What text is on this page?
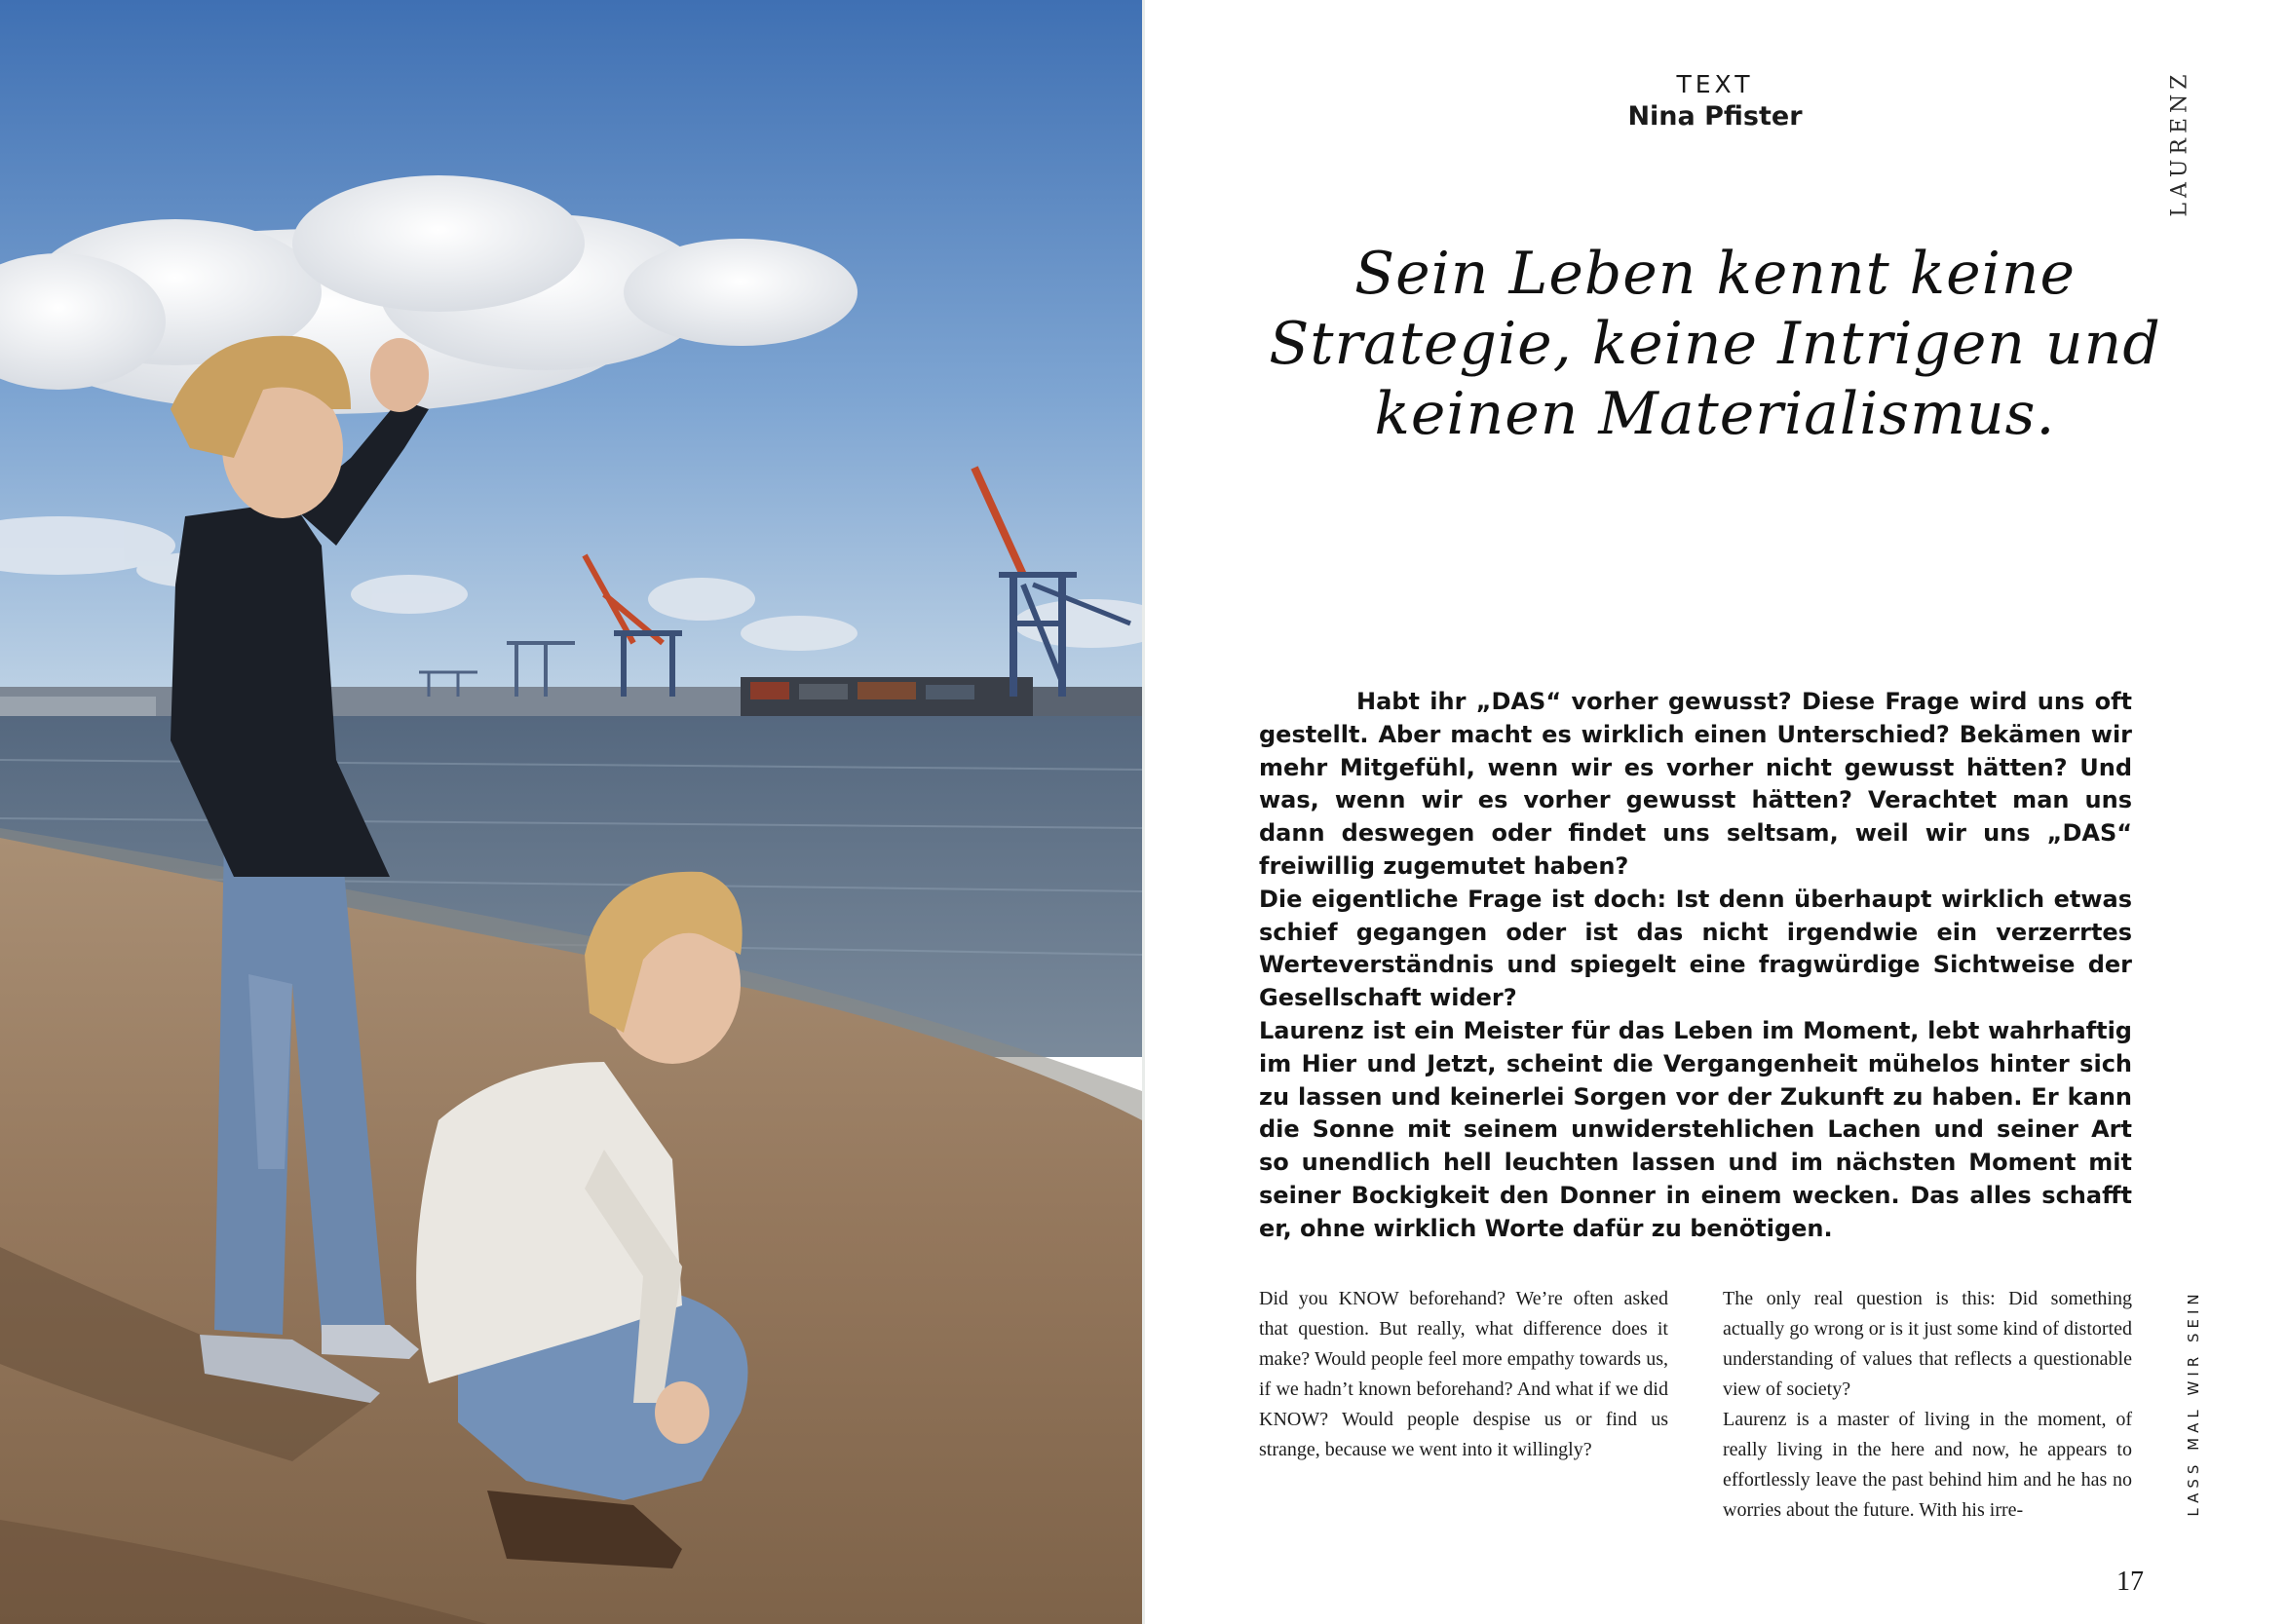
TEXT
Nina Pfister	LAURENZ
Sein Leben kennt keine Strategie, keine Intrigen und keinen Materialismus.

Habt ihr „DAS“ vorher gewusst? Diese Frage wird uns oft gestellt. Aber macht es wirklich einen Unterschied? Bekämen wir mehr Mitgefühl, wenn wir es vorher nicht gewusst hätten? Und was, wenn wir es vorher gewusst hätten? Verachtet man uns dann deswegen oder findet uns seltsam, weil wir uns „DAS“ freiwillig zugemutet haben?

Die eigentliche Frage ist doch: Ist denn überhaupt wirklich etwas schief gegangen oder ist das nicht irgendwie ein verzerrtes Werteverständnis und spiegelt eine fragwürdige Sichtweise der Gesellschaft wider?

Laurenz ist ein Meister für das Leben im Moment, lebt wahrhaftig im Hier und Jetzt, scheint die Vergangenheit mühelos hinter sich zu lassen und keinerlei Sorgen vor der Zukunft zu haben. Er kann die Sonne mit seinem unwiderstehlichen Lachen und seiner Art so unendlich hell leuchten lassen und im nächsten Moment mit seiner Bockigkeit den Donner in einem wecken. Das alles schafft er, ohne wirklich Worte dafür zu benötigen.

Did you KNOW beforehand? We’re often asked that question. But really, what difference does it make? Would people feel more empathy towards us, if we hadn’t known beforehand? And what if we did KNOW? Would people despise us or find us strange, because we went into it willingly?

The only real question is this: Did something actually go wrong or is it just some kind of distorted understanding of values that reflects a questionable view of society?

Laurenz is a master of living in the moment, of really living in the here and now, he appears to effortlessly leave the past behind him and he has no worries about the future. With his irre-	LASS MAL WIR SEIN
17
